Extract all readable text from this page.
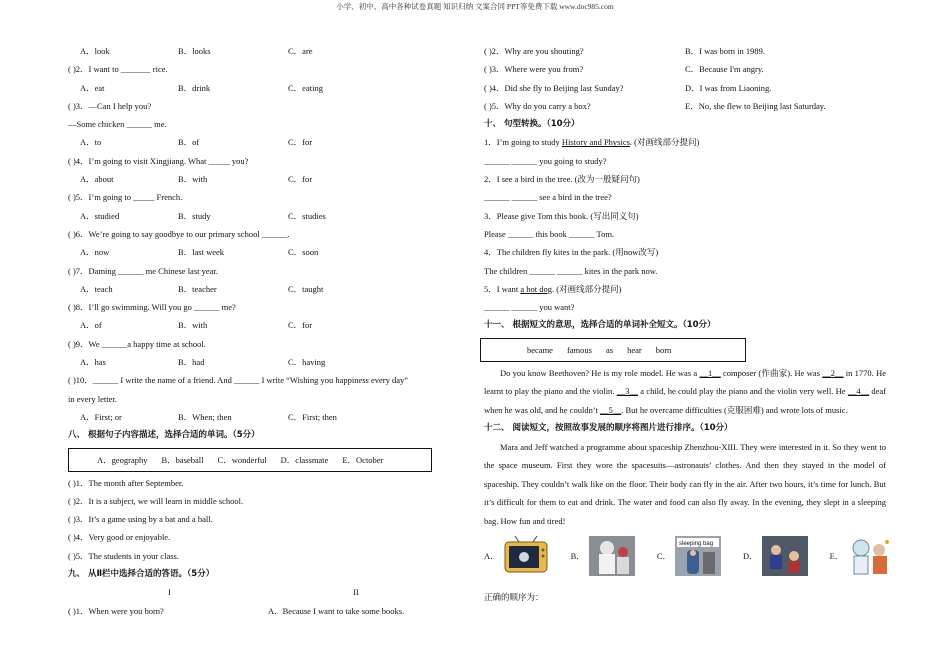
小学、初中、高中各种试卷真题 知识归纳 文案合同 PPT等免费下载 www.doc985.com
A．look	B．looks	C．are
( )2．I want to _______ rice.
A．eat	B．drink	C．eating
( )3．—Can I help you?
—Some chicken ______ me.
A．to	B．of	C．for
( )4．I’m going to visit Xingjiang. What _____ you?
A．about	B．with	C．for
( )5．I’m going to _____ French.
A．studied	B．study	C．studies
( )6．We’re going to say goodbye to our primary school ______.
A．now	B．last week	C．soon
( )7．Daming ______ me Chinese last year.
A．teach	B．teacher	C．taught
( )8．I’ll go swimming. Will you go ______ me?
A．of	B．with	C．for
( )9．We ______a happy time at school.
A．has	B．had	C．having
( )10．______ I write the name of a friend. And ______ I write “Wishing you happiness every day”
in every letter.
A．First; or	B．When; then	C．First; then
八、 根据句子内容描述，选择合适的单词。（5分）
A．geography B．baseball C．wonderful D．classmate E．October
( )1．The month after September.
( )2．It is a subject, we will learn in middle school.
( )3．It’s a game using by a bat and a ball.
( )4．Very good or enjoyable.
( )5．The students in your class.
九、 从Ⅱ栏中选择合适的答语。（5分）
I	II
( )1．When were you born?	A．Because I want to take some books.
( )2．Why are you shouting?	B．I was born in 1989.
( )3．Where were you from?	C．Because I'm angry.
( )4．Did she fly to Beijing last Sunday?	D．I was from Liaoning.
( )5．Why do you carry a box?	E．No, she flew to Beijing last Saturday.
十、 句型转换。（10分）
1．I’m going to study History and Physics. (对画线部分提问)
______ ______ you going to study?
2．I see a bird in the tree. (改为一般疑问句)
______ ______ see a bird in the tree?
3．Please give Tom this book. (写出同义句)
Please ______ this book ______ Tom.
4．The children fly kites in the park. (用now改写)
The children ______ ______ kites in the park now.
5．I want a hot dog. (对画线部分提问)
______ ______ you want?
十一、 根据短文的意思，选择合适的单词补全短文。（10分）
became famous as hear born
Do you know Beethoven? He is my role model. He was a __1__ composer (作曲家). He was __2__ in 1770. He learnt to play the piano and the violin. __3__ a child, he could play the piano and the violin very well. He __4__ deaf when he was old, and he couldn’t __5__. But he overcame difficulties (克服困难) and wrote lots of music.
十二、 阅读短文，按照故事发展的顺序将图片进行排序。（10分）
Mara and Jeff watched a programme about spaceship Zhenzhou-XIII. They were interested in it. So they went to the space museum. First they wore the spacesuits—astronauts’ clothes. And then they stayed in the model of spaceship. They couldn’t walk like on the floor. Their body can fly in the air. After two hours, it’s time for lunch. But it’s difficult for them to eat and drink. The water and food can also fly away. In the evening, they slept in a sleeping bag. How fun and tired!
A．	B．	C．
sleeping bag
D．	E．
正确的顺序为：
